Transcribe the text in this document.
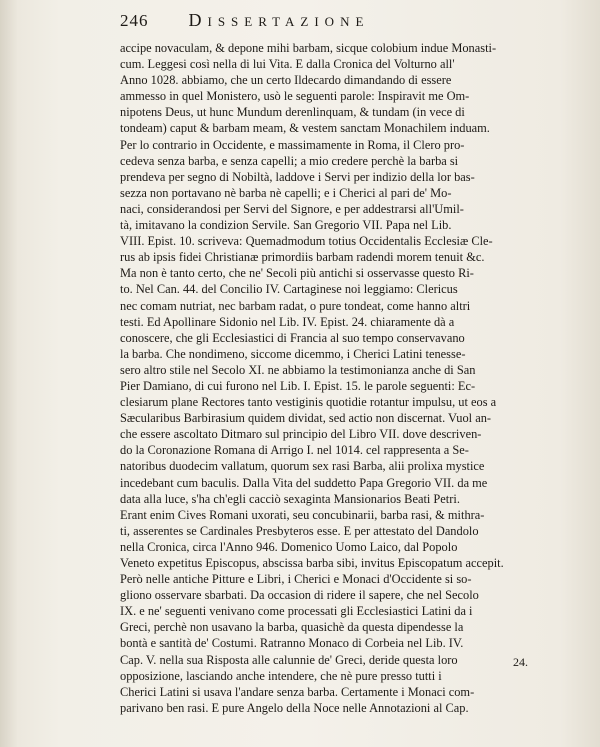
246 Dissertazione
accipe novaculam, & depone mihi barbam, sicque colobium indue Monasti-
cum. Leggesi così nella di lui Vita. E dalla Cronica del Volturno all'
Anno 1028. abbiamo, che un certo Ildecardo dimandando di essere
ammesso in quel Monistero, usò le seguenti parole: Inspiravit me Om-
nipotens Deus, ut hunc Mundum derenlinquam, & tundam (in vece di
tondeam) caput & barbam meam, & vestem sanctam Monachilem induam.
Per lo contrario in Occidente, e massimamente in Roma, il Clero pro-
cedeva senza barba, e senza capelli; a mio credere perchè la barba si
prendeva per segno di Nobiltà, laddove i Servi per indizio della lor bas-
sezza non portavano nè barba nè capelli; e i Cherici al pari de' Mo-
naci, considerandosi per Servi del Signore, e per addestrarsi all'Umil-
tà, imitavano la condizion Servile. San Gregorio VII. Papa nel Lib.
VIII. Epist. 10. scriveva: Quemadmodum totius Occidentalis Ecclesiæ Cle-
rus ab ipsis fidei Christianæ primordiis barbam radendi morem tenuit &c.
Ma non è tanto certo, che ne' Secoli più antichi si osservasse questo Ri-
to. Nel Can. 44. del Concilio IV. Cartaginese noi leggiamo: Clericus
nec comam nutriat, nec barbam radat, o pure tondeat, come hanno altri
testi. Ed Apollinare Sidonio nel Lib. IV. Epist. 24. chiaramente dà a
conoscere, che gli Ecclesiastici di Francia al suo tempo conservavano
la barba. Che nondimeno, siccome dicemmo, i Cherici Latini tenesse-
sero altro stile nel Secolo XI. ne abbiamo la testimonianza anche di San
Pier Damiano, di cui furono nel Lib. I. Epist. 15. le parole seguenti: Ec-
clesiarum plane Rectores tanto vestiginis quotidie rotantur impulsu, ut eos a
Sæcularibus Barbirasium quidem dividat, sed actio non discernat. Vuol an-
che essere ascoltato Ditmaro sul principio del Libro VII. dove descriven-
do la Coronazione Romana di Arrigo I. nel 1014. cel rappresenta a Se-
natoribus duodecim vallatum, quorum sex rasi Barba, alii prolixa mystice
incedebant cum baculis. Dalla Vita del suddetto Papa Gregorio VII. da me
data alla luce, s'ha ch'egli cacciò sexaginta Mansionarios Beati Petri.
Erant enim Cives Romani uxorati, seu concubinarii, barba rasi, & mithra-
ti, asserentes se Cardinales Presbyteros esse. E per attestato del Dandolo
nella Cronica, circa l'Anno 946. Domenico Uomo Laico, dal Popolo
Veneto expetitus Episcopus, abscissa barba sibi, invitus Episcopatum accepit.
Però nelle antiche Pitture e Libri, i Cherici e Monaci d'Occidente si so-
gliono osservare sbarbati. Da occasion di ridere il sapere, che nel Secolo
IX. e ne' seguenti venivano come processati gli Ecclesiastici Latini da i
Greci, perchè non usavano la barba, quasichè da questa dipendesse la
bontà e santità de' Costumi. Ratranno Monaco di Corbeia nel Lib. IV.
Cap. V. nella sua Risposta alle calunnie de' Greci, deride questa loro
opposizione, lasciando anche intendere, che nè pure presso tutti i
Cherici Latini si usava l'andare senza barba. Certamente i Monaci com-
parivano ben rasi. E pure Angelo della Noce nelle Annotazioni al Cap.
24.
